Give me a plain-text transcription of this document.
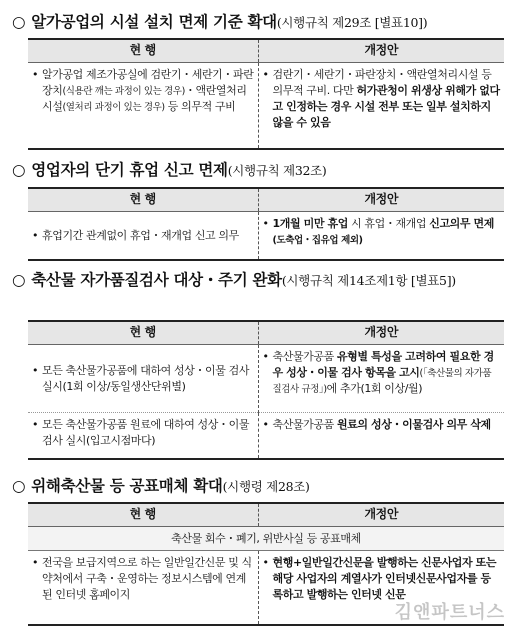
○ 알가공업의 시설 설치 면제 기준 확대(시행규칙 제29조 [별표10])
현 행	개정안

• 알가공업 제조가공실에 검란기・세란기・파란장치(식용란 깨는 과정이 있는 경우)・액란열처리시설(열처리 과정이 있는 경우) 등 의무적 구비	• 검란기・세란기・파란장치・액란열처리시설 등 의무적 구비. 다만 허가관청이 위생상 위해가 없다고 인정하는 경우 시설 전부 또는 일부 설치하지 않을 수 있음
○ 영업자의 단기 휴업 신고 면제(시행규칙 제32조)
현 행	개정안

• 휴업기간 관계없이 휴업・재개업 신고 의무	• 1개월 미만 휴업 시 휴업・재개업 신고의무 면제(도축업・집유업 제외)
○ 축산물 자가품질검사 대상・주기 완화(시행규칙 제14조제1항 [별표5])
현 행	개정안

• 모든 축산물가공품에 대하여 성상・이물 검사 실시(1회 이상/동일생산단위별)	• 축산물가공품 유형별 특성을 고려하여 필요한 경우 성상・이물 검사 항목을 고시(「축산물의 자가품질검사 규정」)에 추가(1회 이상/월)

• 모든 축산물가공품 원료에 대하여 성상・이물 검사 실시(입고시점마다)	• 축산물가공품 원료의 성상・이물검사 의무 삭제
○ 위해축산물 등 공표매체 확대(시행령 제28조)
현 행	개정안
축산물 회수・폐기, 위반사실 등 공표매체	

• 전국을 보급지역으로 하는 일반일간신문 및 식약처에서 구축・운영하는 정보시스템에 연계된 인터넷 홈페이지	• 현행+일반일간신문을 발행하는 신문사업자 또는 해당 사업자의 계열사가 인터넷신문사업자를 등록하고 발행하는 인터넷 신문
김앤파트너스
